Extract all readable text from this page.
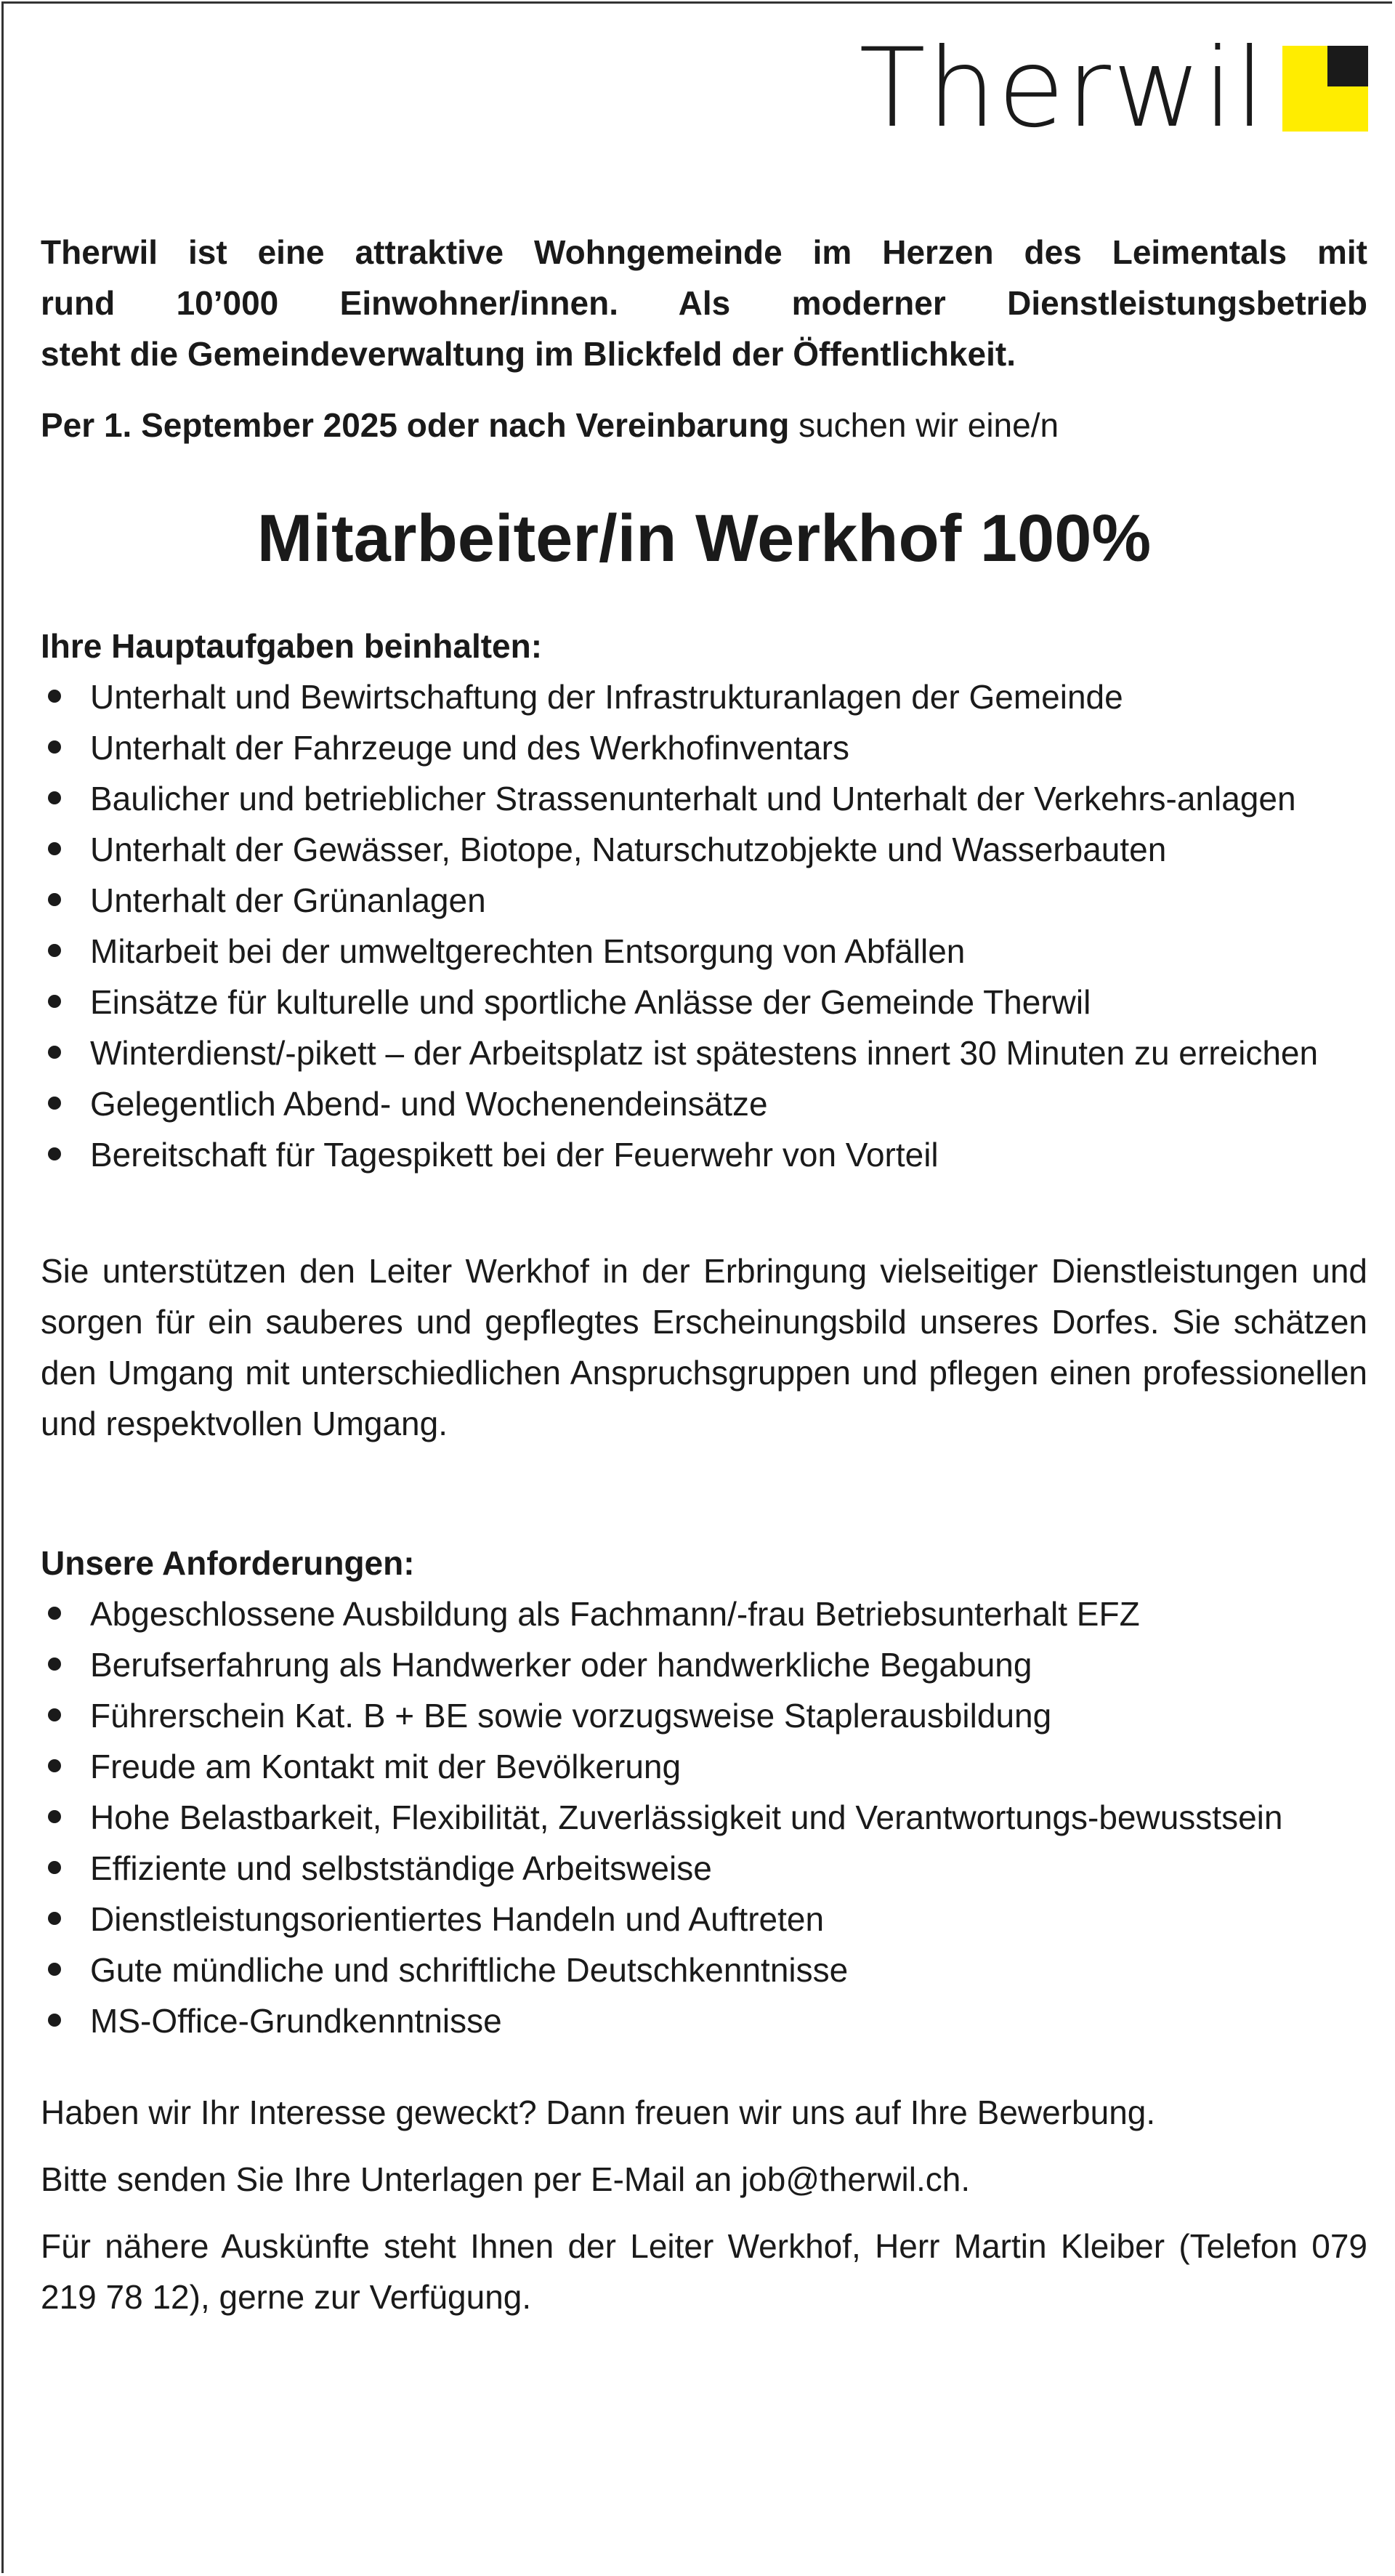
Therwil

Therwil ist eine attraktive Wohngemeinde im Herzen des Leimentals mit
rund 10’000 Einwohner/innen. Als moderner Dienstleistungsbetrieb
steht die Gemeindeverwaltung im Blickfeld der Öffentlichkeit.

Per 1. September 2025 oder nach Vereinbarung suchen wir eine/n

Mitarbeiter/in Werkhof 100%
Ihre Hauptaufgaben beinhalten:
Unterhalt und Bewirtschaftung der Infrastrukturanlagen der Gemeinde
Unterhalt der Fahrzeuge und des Werkhofinventars
Baulicher und betrieblicher Strassenunterhalt und Unterhalt der Verkehrs-anlagen
Unterhalt der Gewässer, Biotope, Naturschutzobjekte und Wasserbauten
Unterhalt der Grünanlagen
Mitarbeit bei der umweltgerechten Entsorgung von Abfällen
Einsätze für kulturelle und sportliche Anlässe der Gemeinde Therwil
Winterdienst/-pikett – der Arbeitsplatz ist spätestens innert 30 Minuten zu erreichen
Gelegentlich Abend- und Wochenendeinsätze
Bereitschaft für Tagespikett bei der Feuerwehr von Vorteil

Sie unterstützen den Leiter Werkhof in der Erbringung vielseitiger Dienstleistungen und sorgen für ein sauberes und gepflegtes Erscheinungsbild unseres Dorfes. Sie schätzen den Umgang mit unterschiedlichen Anspruchsgruppen und pflegen einen professionellen und respektvollen Umgang.

Unsere Anforderungen:
Abgeschlossene Ausbildung als Fachmann/-frau Betriebsunterhalt EFZ
Berufserfahrung als Handwerker oder handwerkliche Begabung
Führerschein Kat. B + BE sowie vorzugsweise Staplerausbildung
Freude am Kontakt mit der Bevölkerung
Hohe Belastbarkeit, Flexibilität, Zuverlässigkeit und Verantwortungs-bewusstsein
Effiziente und selbstständige Arbeitsweise
Dienstleistungsorientiertes Handeln und Auftreten
Gute mündliche und schriftliche Deutschkenntnisse
MS-Office-Grundkenntnisse

Haben wir Ihr Interesse geweckt? Dann freuen wir uns auf Ihre Bewerbung.

Bitte senden Sie Ihre Unterlagen per E-Mail an job@therwil.ch.

Für nähere Auskünfte steht Ihnen der Leiter Werkhof, Herr Martin Kleiber (Telefon 079 219 78 12), gerne zur Verfügung.
